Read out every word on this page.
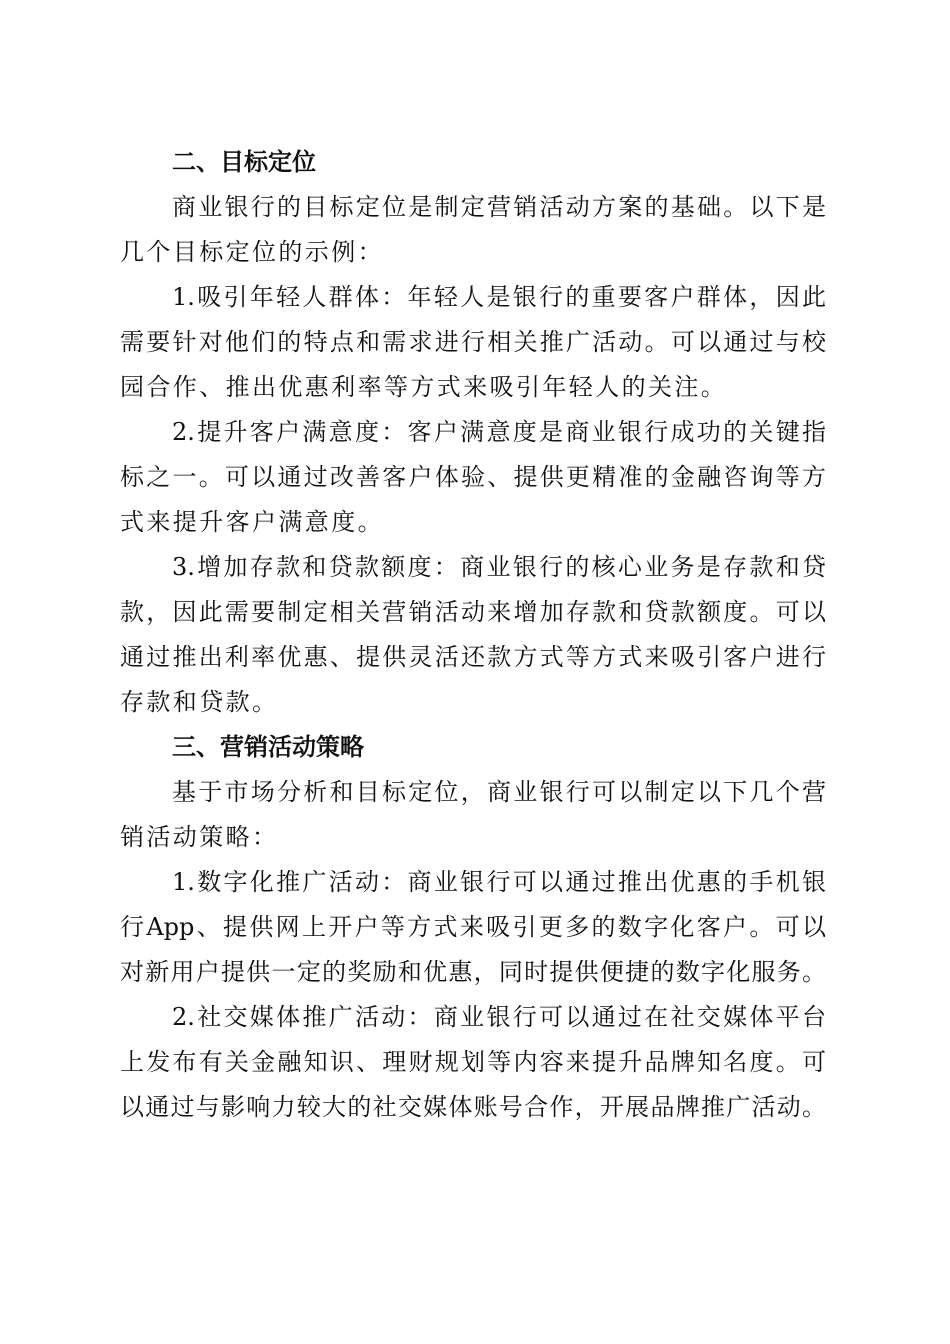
二、目标定位

商业银行的目标定位是制定营销活动方案的基础。以下是
几个目标定位的示例：

1.吸引年轻人群体：年轻人是银行的重要客户群体，因此
需要针对他们的特点和需求进行相关推广活动。可以通过与校
园合作、推出优惠利率等方式来吸引年轻人的关注。

2.提升客户满意度：客户满意度是商业银行成功的关键指
标之一。可以通过改善客户体验、提供更精准的金融咨询等方
式来提升客户满意度。

3.增加存款和贷款额度：商业银行的核心业务是存款和贷
款，因此需要制定相关营销活动来增加存款和贷款额度。可以
通过推出利率优惠、提供灵活还款方式等方式来吸引客户进行
存款和贷款。

三、营销活动策略

基于市场分析和目标定位，商业银行可以制定以下几个营
销活动策略：

1.数字化推广活动：商业银行可以通过推出优惠的手机银
行App、提供网上开户等方式来吸引更多的数字化客户。可以
对新用户提供一定的奖励和优惠，同时提供便捷的数字化服务。

2.社交媒体推广活动：商业银行可以通过在社交媒体平台
上发布有关金融知识、理财规划等内容来提升品牌知名度。可
以通过与影响力较大的社交媒体账号合作，开展品牌推广活动。
